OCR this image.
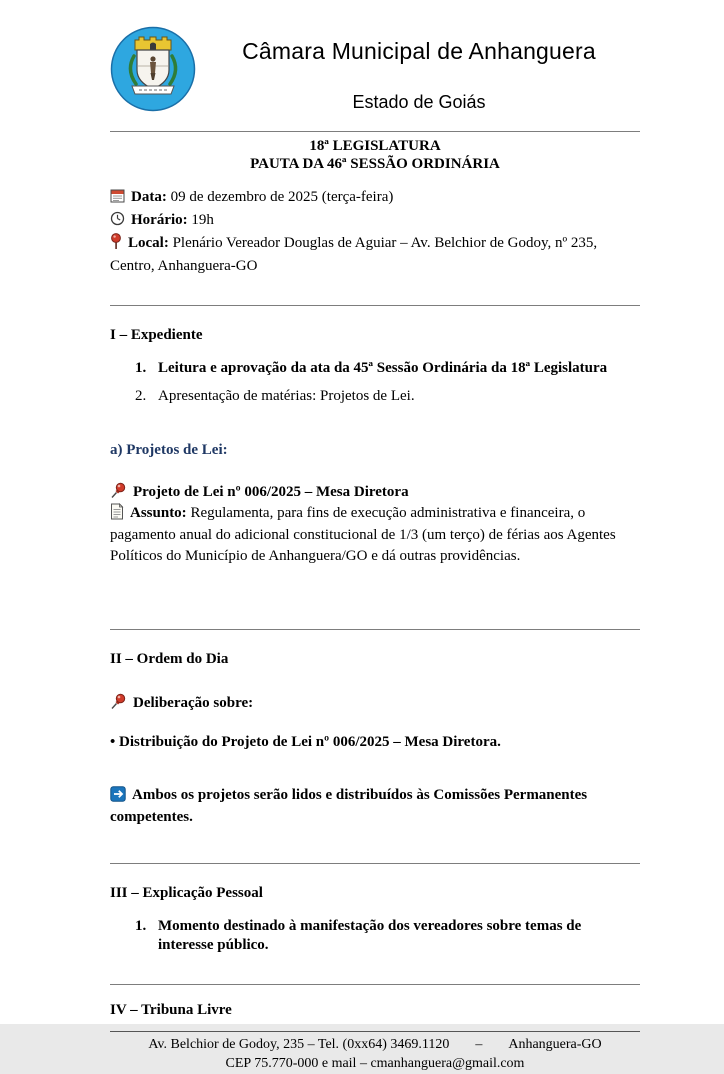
Câmara Municipal de Anhanguera
Estado de Goiás
18ª LEGISLATURA
PAUTA DA 46ª SESSÃO ORDINÁRIA

Data: 09 de dezembro de 2025 (terça-feira)

Horário: 19h

Local: Plenário Vereador Douglas de Aguiar – Av. Belchior de Godoy, nº 235, Centro, Anhanguera-GO

I – Expediente
1. Leitura e aprovação da ata da 45ª Sessão Ordinária da 18ª Legislatura
2. Apresentação de matérias: Projetos de Lei.
a) Projetos de Lei:

Projeto de Lei nº 006/2025 – Mesa Diretora

Assunto: Regulamenta, para fins de execução administrativa e financeira, o pagamento anual do adicional constitucional de 1/3 (um terço) de férias aos Agentes Políticos do Município de Anhanguera/GO e dá outras providências.

II – Ordem do Dia

Deliberação sobre:

• Distribuição do Projeto de Lei nº 006/2025 – Mesa Diretora.

Ambos os projetos serão lidos e distribuídos às Comissões Permanentes competentes.

III – Explicação Pessoal
1. Momento destinado à manifestação dos vereadores sobre temas de interesse público.
IV – Tribuna Livre
Av. Belchior de Godoy, 235 – Tel. (0xx64) 3469.1120 – Anhanguera-GO
CEP 75.770-000 e mail – cmanhanguera@gmail.com
